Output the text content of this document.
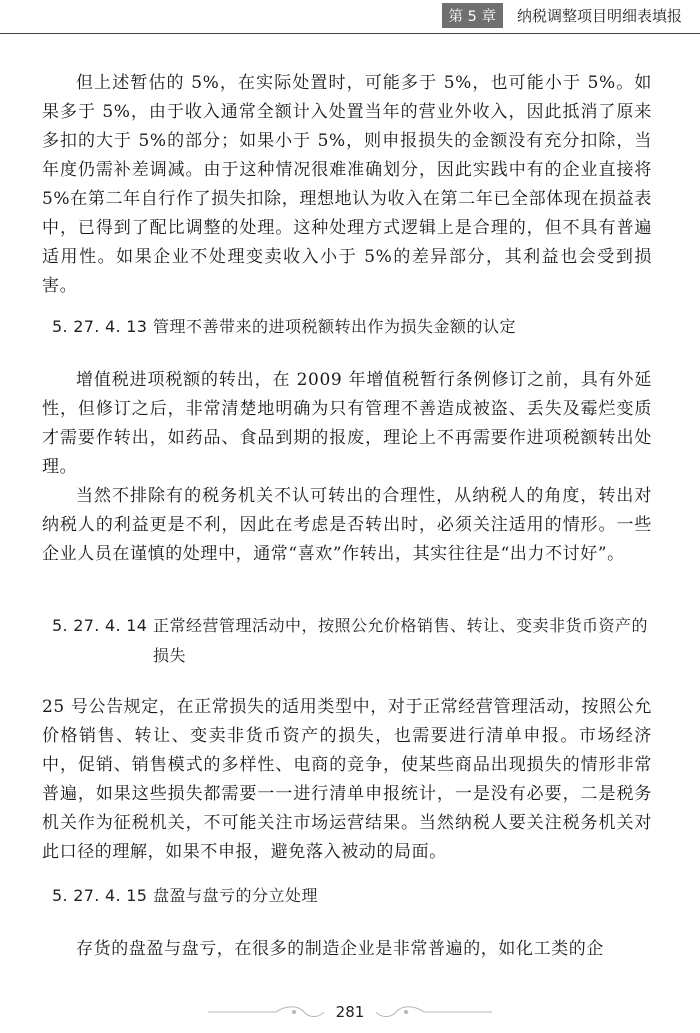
第 5 章	纳税调整项目明细表填报

但上述暂估的 5%，在实际处置时，可能多于 5%，也可能小于 5%。如果多于 5%，由于收入通常全额计入处置当年的营业外收入，因此抵消了原来多扣的大于 5%的部分；如果小于 5%，则申报损失的金额没有充分扣除，当年度仍需补差调减。由于这种情况很难准确划分，因此实践中有的企业直接将 5%在第二年自行作了损失扣除，理想地认为收入在第二年已全部体现在损益表中，已得到了配比调整的处理。这种处理方式逻辑上是合理的，但不具有普遍适用性。如果企业不处理变卖收入小于 5%的差异部分，其利益也会受到损害。

5. 27. 4. 13 管理不善带来的进项税额转出作为损失金额的认定

增值税进项税额的转出，在 2009 年增值税暂行条例修订之前，具有外延性，但修订之后，非常清楚地明确为只有管理不善造成被盗、丢失及霉烂变质才需要作转出，如药品、食品到期的报废，理论上不再需要作进项税额转出处理。

当然不排除有的税务机关不认可转出的合理性，从纳税人的角度，转出对纳税人的利益更是不利，因此在考虑是否转出时，必须关注适用的情形。一些企业人员在谨慎的处理中，通常“喜欢”作转出，其实往往是“出力不讨好”。

5. 27. 4. 14 正常经营管理活动中，按照公允价格销售、转让、变卖非货币资产的损失

25 号公告规定，在正常损失的适用类型中，对于正常经营管理活动，按照公允价格销售、转让、变卖非货币资产的损失，也需要进行清单申报。市场经济中，促销、销售模式的多样性、电商的竞争，使某些商品出现损失的情形非常普遍，如果这些损失都需要一一进行清单申报统计，一是没有必要，二是税务机关作为征税机关，不可能关注市场运营结果。当然纳税人要关注税务机关对此口径的理解，如果不申报，避免落入被动的局面。

5. 27. 4. 15 盘盈与盘亏的分立处理

存货的盘盈与盘亏，在很多的制造企业是非常普遍的，如化工类的企

281
